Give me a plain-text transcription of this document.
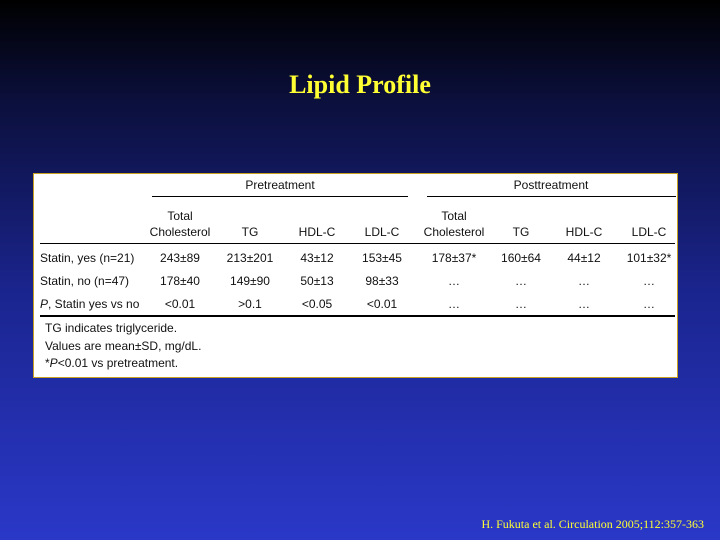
Lipid Profile
Pretreatment	Posttreatment
Total
Cholesterol	TG	HDL-C LDL-C
Total
Cholesterol TG	HDL-C LDL-C
Statin, yes (n=21) 243±89 213±201 43±12 153±45 178±37* 160±64 44±12 101±32*
Statin, no (n=47)	178±40	149±90	50±13	98±33	…	…	…	…
P, Statin yes vs no <0.01	>0.1	<0.05	<0.01	…	…	…	…
TG indicates triglyceride.
Values are mean±SD, mg/dL.
*P<0.01 vs pretreatment.
H. Fukuta et al. Circulation 2005;112:357-363
